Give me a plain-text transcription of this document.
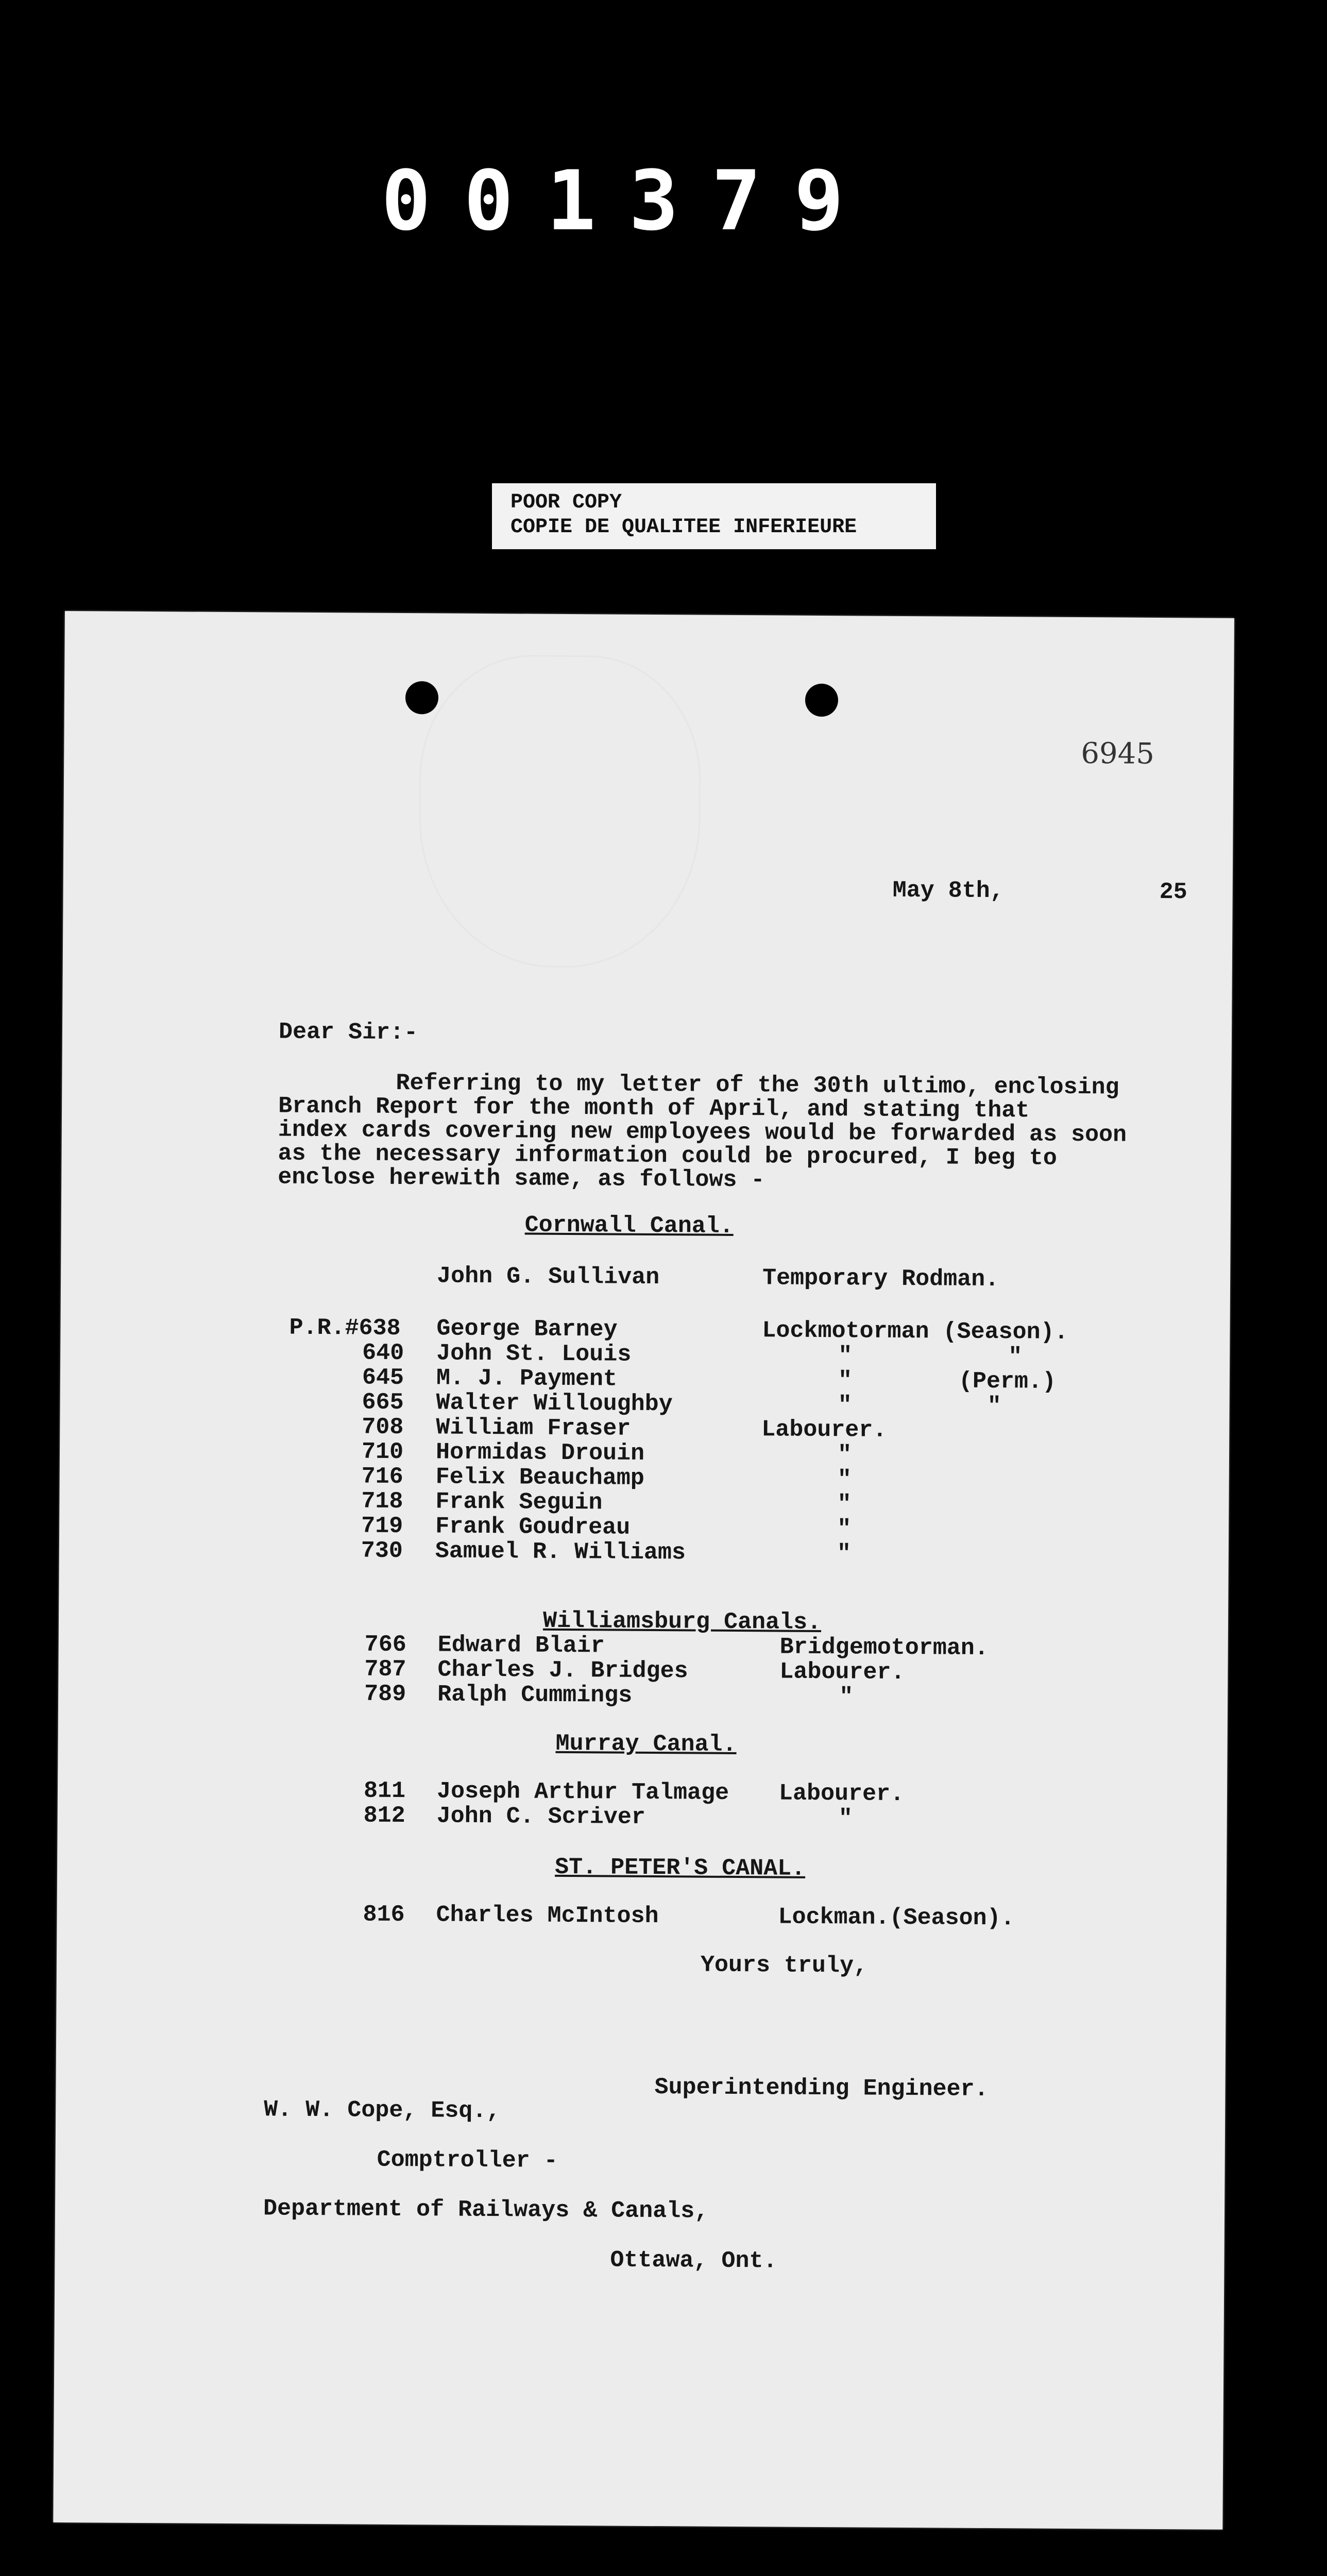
001379
POOR COPY
COPIE DE QUALITEE INFERIEURE
6945
May 8th,	25
Dear Sir:-
Referring to my letter of the 30th ultimo, enclosing
Branch Report for the month of April, and stating that
index cards covering new employees would be forwarded as soon
as the necessary information could be procured, I beg to
enclose herewith same, as follows -
Cornwall Canal.
John G. Sullivan	Temporary Rodman.
P.R.#638 George Barney	Lockmotorman (Season).
640 John St. Louis	"	"
645 M. J. Payment	"	(Perm.)
665 Walter Willoughby	"	"
708 William Fraser	Labourer.
710 Hormidas Drouin	"
716 Felix Beauchamp	"
718 Frank Seguin	"
719 Frank Goudreau	"
730 Samuel R. Williams	"
Williamsburg Canals.
766 Edward Blair	Bridgemotorman.
787 Charles J. Bridges	Labourer.
789 Ralph Cummings	"
Murray Canal.
811 Joseph Arthur Talmage Labourer.
812 John C. Scriver	"
ST. PETER'S CANAL.
816 Charles McIntosh	Lockman.(Season).
Yours truly,
Superintending Engineer.
W. W. Cope, Esq.,
Comptroller -
Department of Railways & Canals,
Ottawa, Ont.
